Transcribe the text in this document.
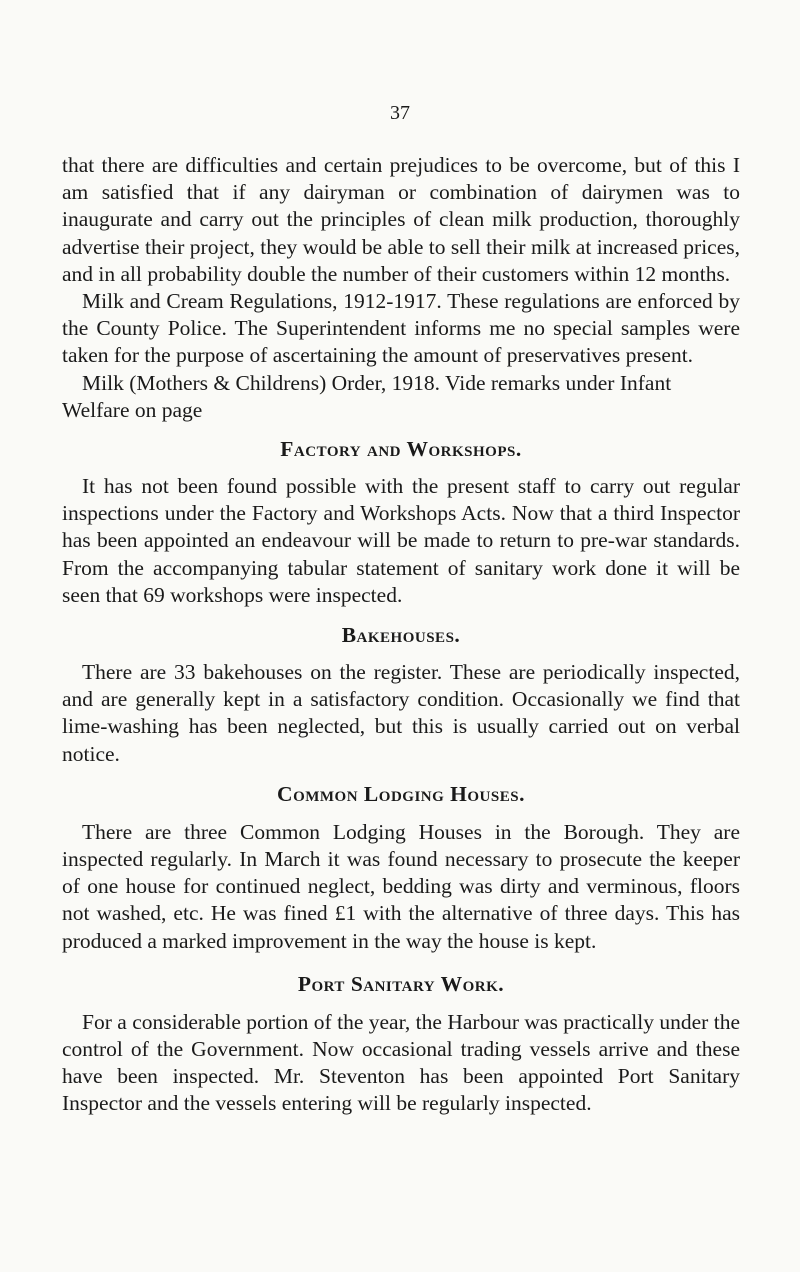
37

that there are difficulties and certain prejudices to be overcome, but of this I am satisfied that if any dairyman or combination of dairymen was to inaugurate and carry out the principles of clean milk production, thoroughly advertise their project, they would be able to sell their milk at increased prices, and in all probability double the number of their customers within 12 months.

Milk and Cream Regulations, 1912-1917. These regulations are enforced by the County Police. The Superintendent informs me no special samples were taken for the purpose of ascertaining the amount of preservatives present.

Milk (Mothers & Childrens) Order, 1918. Vide remarks under Infant Welfare on page

Factory and Workshops.

It has not been found possible with the present staff to carry out regular inspections under the Factory and Workshops Acts. Now that a third Inspector has been appointed an endeavour will be made to return to pre-war standards. From the accompanying tabular statement of sanitary work done it will be seen that 69 workshops were inspected.

Bakehouses.

There are 33 bakehouses on the register. These are periodically inspected, and are generally kept in a satisfactory condition. Occasionally we find that lime-washing has been neglected, but this is usually carried out on verbal notice.

Common Lodging Houses.

There are three Common Lodging Houses in the Borough. They are inspected regularly. In March it was found necessary to prosecute the keeper of one house for continued neglect, bedding was dirty and verminous, floors not washed, etc. He was fined £1 with the alternative of three days. This has produced a marked improvement in the way the house is kept.

Port Sanitary Work.

For a considerable portion of the year, the Harbour was practically under the control of the Government. Now occasional trading vessels arrive and these have been inspected. Mr. Steventon has been appointed Port Sanitary Inspector and the vessels entering will be regularly inspected.
